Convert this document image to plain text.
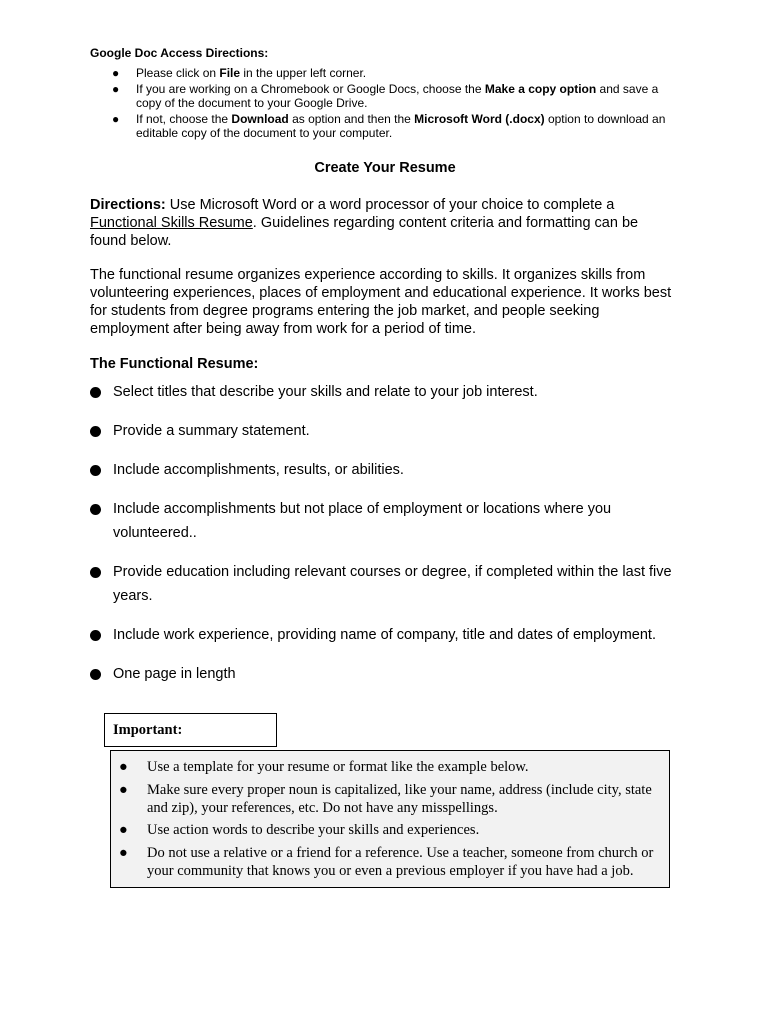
Google Doc Access Directions:
● Please click on File in the upper left corner.
● If you are working on a Chromebook or Google Docs, choose the Make a copy option and save a copy of the document to your Google Drive.
● If not, choose the Download as option and then the Microsoft Word (.docx) option to download an editable copy of the document to your computer.
Create Your Resume

Directions: Use Microsoft Word or a word processor of your choice to complete a Functional Skills Resume. Guidelines regarding content criteria and formatting can be found below.

The functional resume organizes experience according to skills. It organizes skills from volunteering experiences, places of employment and educational experience. It works best for students from degree programs entering the job market, and people seeking employment after being away from work for a period of time.

The Functional Resume:
Select titles that describe your skills and relate to your job interest.
Provide a summary statement.
Include accomplishments, results, or abilities.
Include accomplishments but not place of employment or locations where you volunteered..
Provide education including relevant courses or degree, if completed within the last five years.
Include work experience, providing name of company, title and dates of employment.
One page in length
● Use a template for your resume or format like the example below.
● Make sure every proper noun is capitalized, like your name, address (include city, state and zip), your references, etc. Do not have any misspellings.
● Use action words to describe your skills and experiences.
● Do not use a relative or a friend for a reference. Use a teacher, someone from church or your community that knows you or even a previous employer if you have had a job.
Important:
